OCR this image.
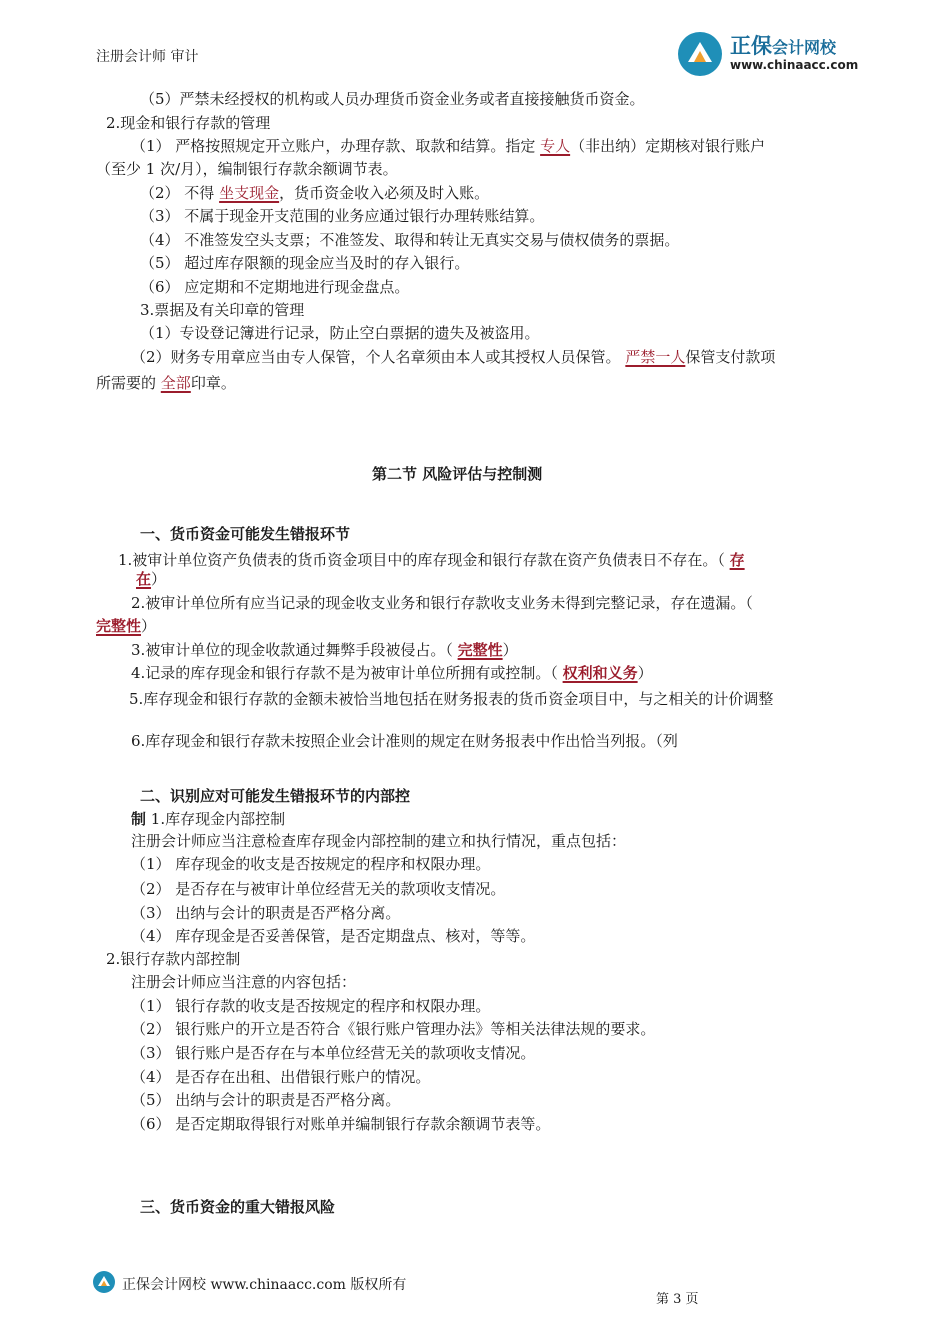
注册会计师 审计	正保会计网校
www.chinaacc.com
（5）严禁未经授权的机构或人员办理货币资金业务或者直接接触货币资金。
2.现金和银行存款的管理
（1） 严格按照规定开立账户，办理存款、取款和结算。指定 专人（非出纳）定期核对银行账户
（至少 1 次/月），编制银行存款余额调节表。
（2） 不得 坐支现金，货币资金收入必须及时入账。
（3） 不属于现金开支范围的业务应通过银行办理转账结算。
（4） 不准签发空头支票；不准签发、取得和转让无真实交易与债权债务的票据。
（5） 超过库存限额的现金应当及时的存入银行。
（6） 应定期和不定期地进行现金盘点。
3.票据及有关印章的管理
（1）专设登记簿进行记录，防止空白票据的遗失及被盗用。
（2）财务专用章应当由专人保管，个人名章须由本人或其授权人员保管。 严禁一人保管支付款项
所需要的 全部印章。
第二节 风险评估与控制测
一、货币资金可能发生错报环节
1.被审计单位资产负债表的货币资金项目中的库存现金和银行存款在资产负债表日不存在。（ 存
在）
2.被审计单位所有应当记录的现金收支业务和银行存款收支业务未得到完整记录，存在遗漏。（
完整性）
3.被审计单位的现金收款通过舞弊手段被侵占。（ 完整性）
4.记录的库存现金和银行存款不是为被审计单位所拥有或控制。（ 权利和义务）
5.库存现金和银行存款的金额未被恰当地包括在财务报表的货币资金项目中，与之相关的计价调整
6.库存现金和银行存款未按照企业会计准则的规定在财务报表中作出恰当列报。（列
二、识别应对可能发生错报环节的内部控
制 1.库存现金内部控制
注册会计师应当注意检查库存现金内部控制的建立和执行情况，重点包括：
（1） 库存现金的收支是否按规定的程序和权限办理。
（2） 是否存在与被审计单位经营无关的款项收支情况。
（3） 出纳与会计的职责是否严格分离。
（4） 库存现金是否妥善保管，是否定期盘点、核对，等等。
2.银行存款内部控制
注册会计师应当注意的内容包括：
（1） 银行存款的收支是否按规定的程序和权限办理。
（2） 银行账户的开立是否符合《银行账户管理办法》等相关法律法规的要求。
（3） 银行账户是否存在与本单位经营无关的款项收支情况。
（4） 是否存在出租、出借银行账户的情况。
（5） 出纳与会计的职责是否严格分离。
（6） 是否定期取得银行对账单并编制银行存款余额调节表等。
三、货币资金的重大错报风险
正保会计网校 www.chinaacc.com 版权所有
第 3 页
